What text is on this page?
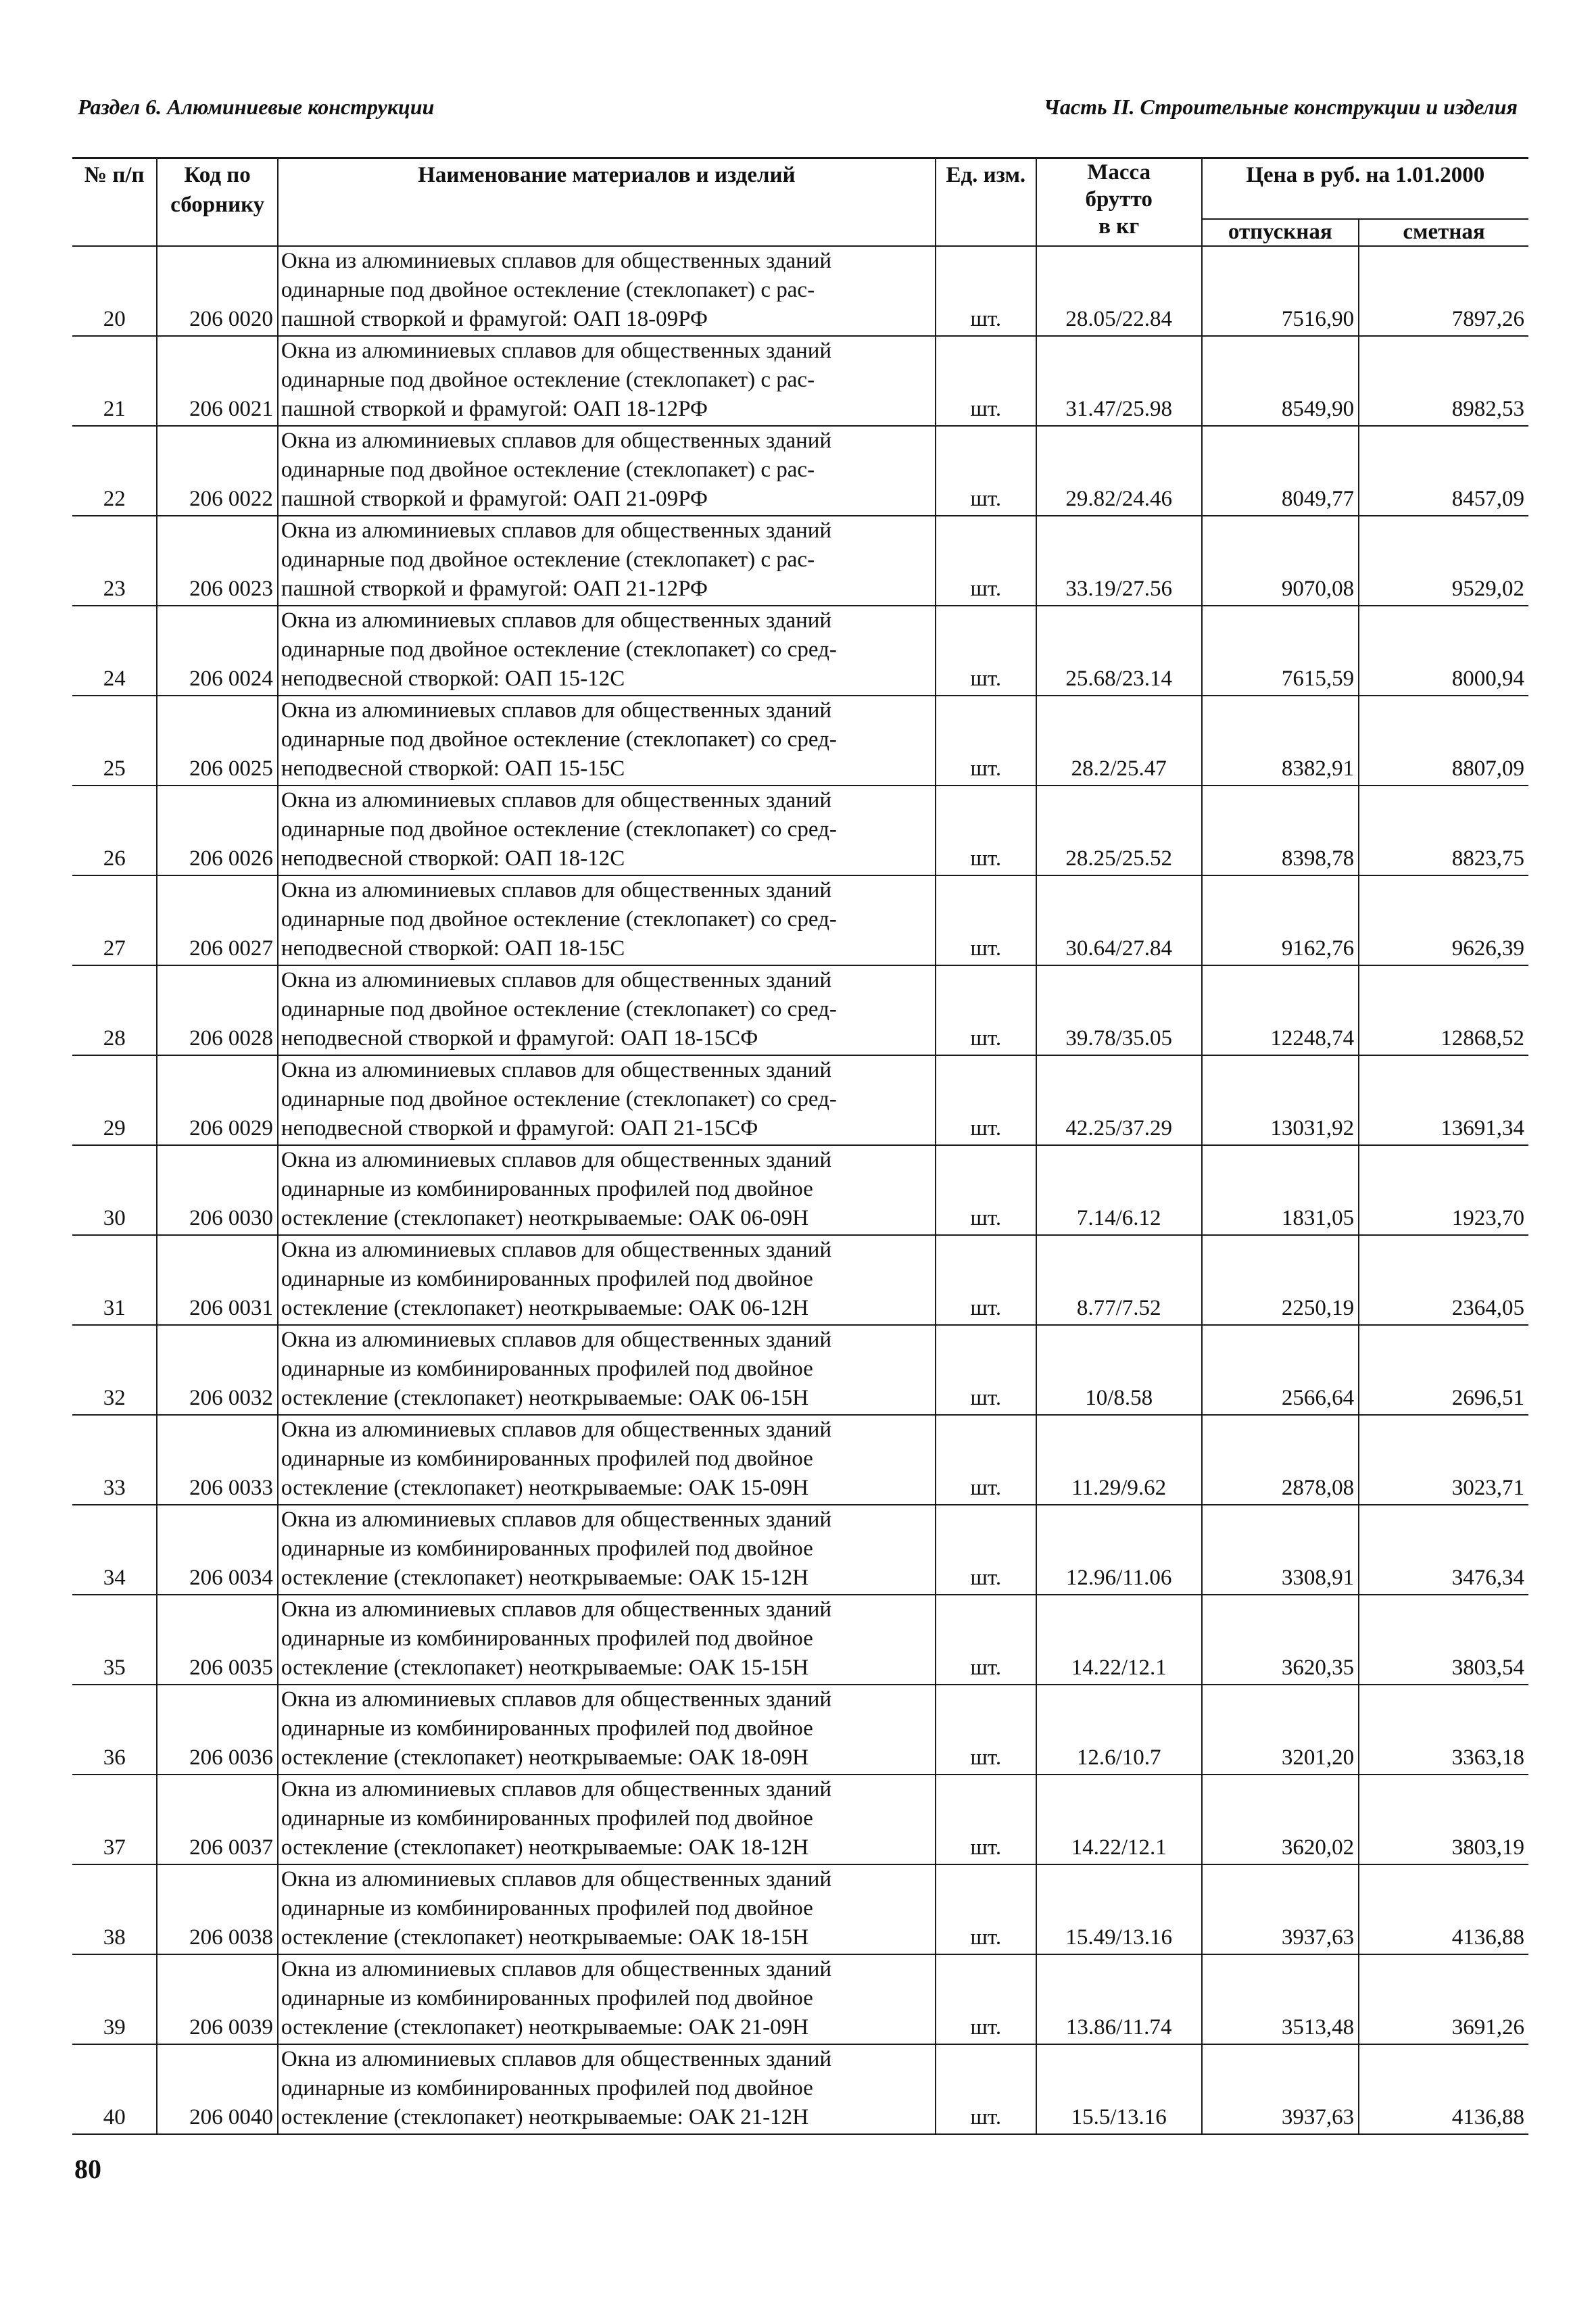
Раздел 6. Алюминиевые конструкции	Часть II. Строительные конструкции и изделия
№ п/п	Код по сборнику	Наименование материалов и изделий	Ед. изм.	Масса
брутто
в кг	Цена в руб. на 1.01.2000	
					отпускная	сметная
20	206 0020	Окна из алюминиевых сплавов для общественных зданий
одинарные под двойное остекление (стеклопакет) с рас-
пашной створкой и фрамугой: ОАП 18-09РФ	шт.	28.05/22.84	7516,90	7897,26
21	206 0021	Окна из алюминиевых сплавов для общественных зданий
одинарные под двойное остекление (стеклопакет) с рас-
пашной створкой и фрамугой: ОАП 18-12РФ	шт.	31.47/25.98	8549,90	8982,53
22	206 0022	Окна из алюминиевых сплавов для общественных зданий
одинарные под двойное остекление (стеклопакет) с рас-
пашной створкой и фрамугой: ОАП 21-09РФ	шт.	29.82/24.46	8049,77	8457,09
23	206 0023	Окна из алюминиевых сплавов для общественных зданий
одинарные под двойное остекление (стеклопакет) с рас-
пашной створкой и фрамугой: ОАП 21-12РФ	шт.	33.19/27.56	9070,08	9529,02
24	206 0024	Окна из алюминиевых сплавов для общественных зданий
одинарные под двойное остекление (стеклопакет) со сред-
неподвесной створкой: ОАП 15-12С	шт.	25.68/23.14	7615,59	8000,94
25	206 0025	Окна из алюминиевых сплавов для общественных зданий
одинарные под двойное остекление (стеклопакет) со сред-
неподвесной створкой: ОАП 15-15С	шт.	28.2/25.47	8382,91	8807,09
26	206 0026	Окна из алюминиевых сплавов для общественных зданий
одинарные под двойное остекление (стеклопакет) со сред-
неподвесной створкой: ОАП 18-12С	шт.	28.25/25.52	8398,78	8823,75
27	206 0027	Окна из алюминиевых сплавов для общественных зданий
одинарные под двойное остекление (стеклопакет) со сред-
неподвесной створкой: ОАП 18-15С	шт.	30.64/27.84	9162,76	9626,39
28	206 0028	Окна из алюминиевых сплавов для общественных зданий
одинарные под двойное остекление (стеклопакет) со сред-
неподвесной створкой и фрамугой: ОАП 18-15СФ	шт.	39.78/35.05	12248,74	12868,52
29	206 0029	Окна из алюминиевых сплавов для общественных зданий
одинарные под двойное остекление (стеклопакет) со сред-
неподвесной створкой и фрамугой: ОАП 21-15СФ	шт.	42.25/37.29	13031,92	13691,34
30	206 0030	Окна из алюминиевых сплавов для общественных зданий
одинарные из комбинированных профилей под двойное
остекление (стеклопакет) неоткрываемые: ОАК 06-09Н	шт.	7.14/6.12	1831,05	1923,70
31	206 0031	Окна из алюминиевых сплавов для общественных зданий
одинарные из комбинированных профилей под двойное
остекление (стеклопакет) неоткрываемые: ОАК 06-12Н	шт.	8.77/7.52	2250,19	2364,05
32	206 0032	Окна из алюминиевых сплавов для общественных зданий
одинарные из комбинированных профилей под двойное
остекление (стеклопакет) неоткрываемые: ОАК 06-15Н	шт.	10/8.58	2566,64	2696,51
33	206 0033	Окна из алюминиевых сплавов для общественных зданий
одинарные из комбинированных профилей под двойное
остекление (стеклопакет) неоткрываемые: ОАК 15-09Н	шт.	11.29/9.62	2878,08	3023,71
34	206 0034	Окна из алюминиевых сплавов для общественных зданий
одинарные из комбинированных профилей под двойное
остекление (стеклопакет) неоткрываемые: ОАК 15-12Н	шт.	12.96/11.06	3308,91	3476,34
35	206 0035	Окна из алюминиевых сплавов для общественных зданий
одинарные из комбинированных профилей под двойное
остекление (стеклопакет) неоткрываемые: ОАК 15-15Н	шт.	14.22/12.1	3620,35	3803,54
36	206 0036	Окна из алюминиевых сплавов для общественных зданий
одинарные из комбинированных профилей под двойное
остекление (стеклопакет) неоткрываемые: ОАК 18-09Н	шт.	12.6/10.7	3201,20	3363,18
37	206 0037	Окна из алюминиевых сплавов для общественных зданий
одинарные из комбинированных профилей под двойное
остекление (стеклопакет) неоткрываемые: ОАК 18-12Н	шт.	14.22/12.1	3620,02	3803,19
38	206 0038	Окна из алюминиевых сплавов для общественных зданий
одинарные из комбинированных профилей под двойное
остекление (стеклопакет) неоткрываемые: ОАК 18-15Н	шт.	15.49/13.16	3937,63	4136,88
39	206 0039	Окна из алюминиевых сплавов для общественных зданий
одинарные из комбинированных профилей под двойное
остекление (стеклопакет) неоткрываемые: ОАК 21-09Н	шт.	13.86/11.74	3513,48	3691,26
40	206 0040	Окна из алюминиевых сплавов для общественных зданий
одинарные из комбинированных профилей под двойное
остекление (стеклопакет) неоткрываемые: ОАК 21-12Н	шт.	15.5/13.16	3937,63	4136,88
80
